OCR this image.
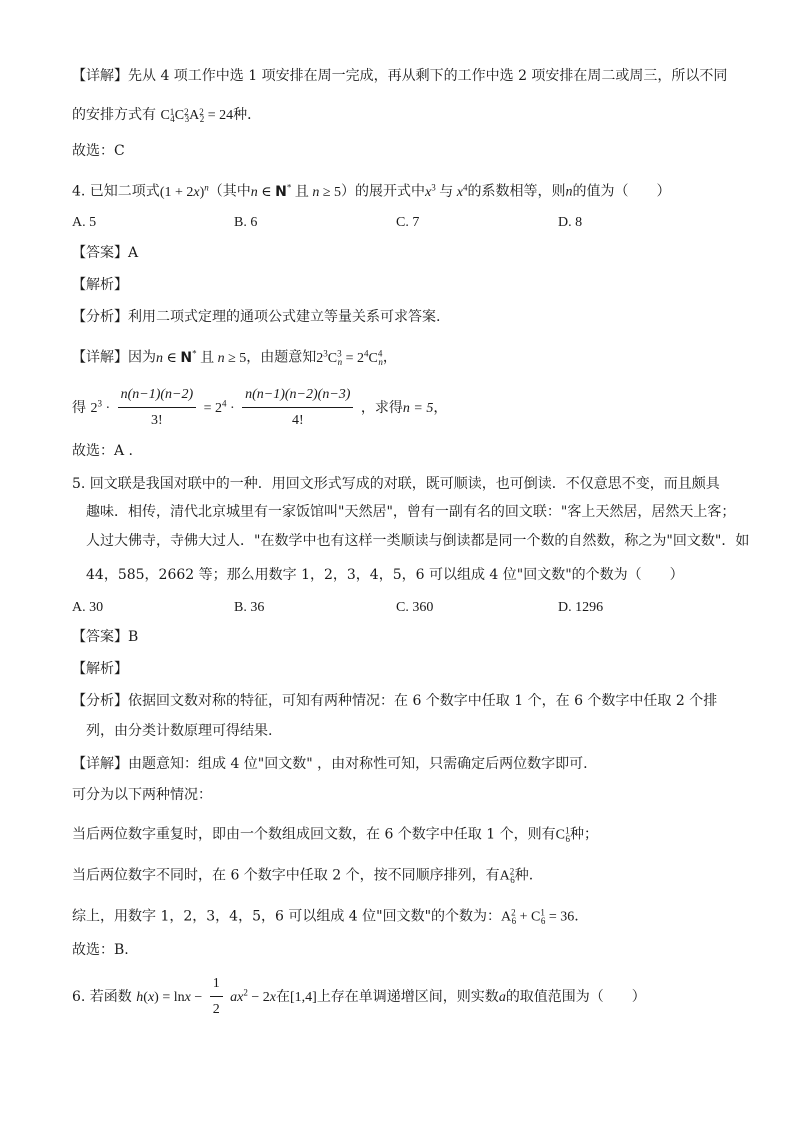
【详解】先从 4 项工作中选 1 项安排在周一完成，再从剩下的工作中选 2 项安排在周二或周三，所以不同
的安排方式有 $C^1_4C^2_3A^2_2 = 24$种．
故选：C
4. 已知二项式$(1 + 2x)^n$（其中n ∈ N* 且 n ≥ 5）的展开式中$x^3$ 与 $x^4$的系数相等，则n的值为（　　）
A. 5	B. 6	C. 7	D. 8
【答案】A
【解析】
【分析】利用二项式定理的通项公式建立等量关系可求答案.
【详解】因为n ∈ N* 且 n ≥ 5，由题意知$2^3C^3_n = 2^4C^4_n$，
得 $2^3 \cdot \frac{n(n-1)(n-2)}{3!} = 2^4 \cdot \frac{n(n-1)(n-2)(n-3)}{4!}$ ，求得n = 5，
故选：A .
5. 回文联是我国对联中的一种．用回文形式写成的对联，既可顺读，也可倒读．不仅意思不变，而且颇具
趣味．相传，清代北京城里有一家饭馆叫"天然居"，曾有一副有名的回文联："客上天然居，居然天上客；
人过大佛寺，寺佛大过人．"在数学中也有这样一类顺读与倒读都是同一个数的自然数，称之为"回文数"．如
44，585，2662 等；那么用数字 1，2，3，4，5，6 可以组成 4 位"回文数"的个数为（　　）
A. 30	B. 36	C. 360	D. 1296
【答案】B
【解析】
【分析】依据回文数对称的特征，可知有两种情况：在 6 个数字中任取 1 个，在 6 个数字中任取 2 个排
列，由分类计数原理可得结果.
【详解】由题意知：组成 4 位"回文数" ，由对称性可知，只需确定后两位数字即可.
可分为以下两种情况：
当后两位数字重复时，即由一个数组成回文数，在 6 个数字中任取 1 个，则有$C^1_6$种；
当后两位数字不同时，在 6 个数字中任取 2 个，按不同顺序排列，有$A^2_6$种.
综上，用数字 1，2，3，4，5，6 可以组成 4 位"回文数"的个数为：$A^2_6 + C^1_6 = 36$.
故选：B.
6. 若函数 $h(x) = \ln x - \frac{1}{2} ax^2 - 2x$在[1,4]上存在单调递增区间，则实数a的取值范围为（　　）
